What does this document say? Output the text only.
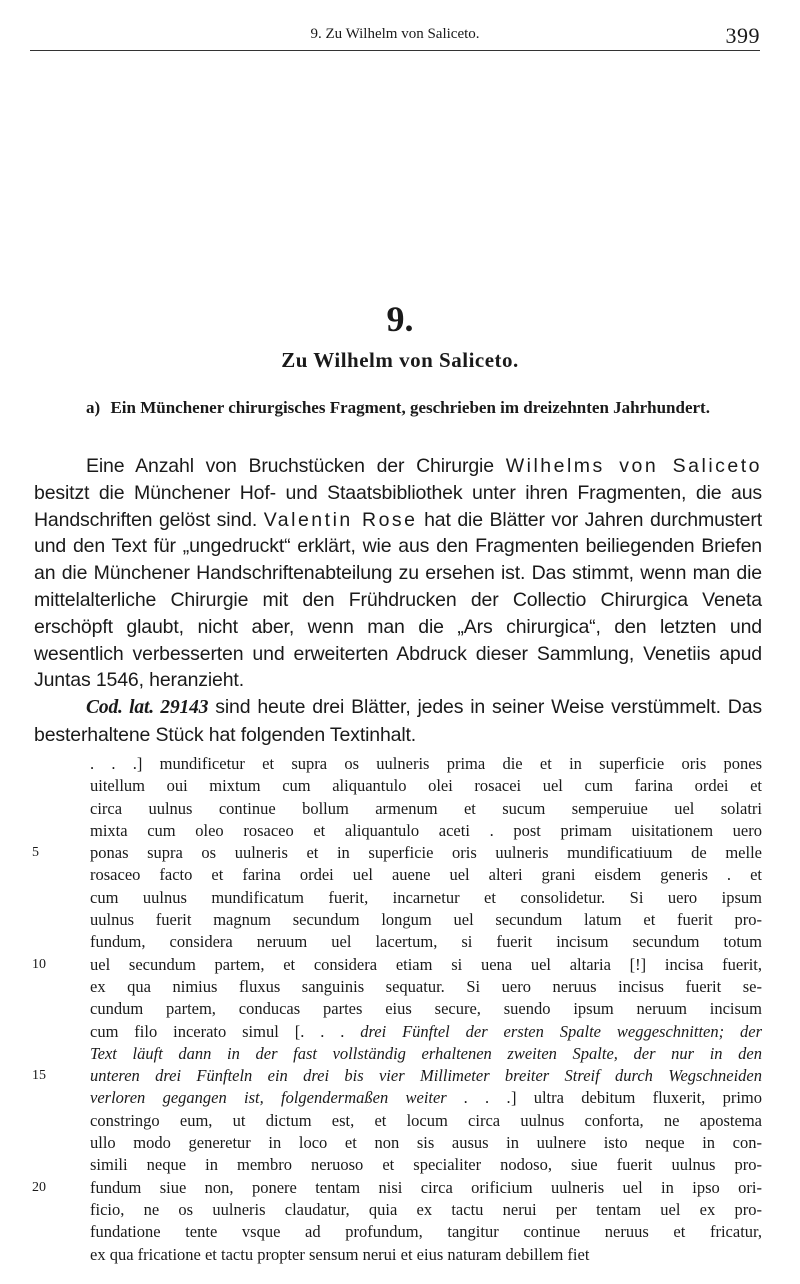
9. Zu Wilhelm von Saliceto.	399
9.
Zu Wilhelm von Saliceto.
a) Ein Münchener chirurgisches Fragment, geschrieben im dreizehnten Jahrhundert.

Eine Anzahl von Bruchstücken der Chirurgie Wilhelms von Saliceto besitzt die Münchener Hof- und Staatsbibliothek unter ihren Fragmenten, die aus Handschriften gelöst sind. Valentin Rose hat die Blätter vor Jahren durchmustert und den Text für „ungedruckt“ erklärt, wie aus den Fragmenten beiliegenden Briefen an die Münchener Handschriftenabteilung zu ersehen ist. Das stimmt, wenn man die mittelalterliche Chirurgie mit den Frühdrucken der Collectio Chirurgica Veneta erschöpft glaubt, nicht aber, wenn man die „Ars chirurgica“, den letzten und wesentlich verbesserten und erweiterten Abdruck dieser Sammlung, Venetiis apud Juntas 1546, heranzieht.

Cod. lat. 29143 sind heute drei Blätter, jedes in seiner Weise verstümmelt. Das besterhaltene Stück hat folgenden Textinhalt.

. . .] mundificetur et supra os uulneris prima die et in superficie oris pones
uitellum oui mixtum cum aliquantulo olei rosacei uel cum farina ordei et
circa uulnus continue bollum armenum et sucum semperuiue uel solatri
mixta cum oleo rosaceo et aliquantulo aceti . post primam uisitationem uero
5	ponas supra os uulneris et in superficie oris uulneris mundificatiuum de melle
rosaceo facto et farina ordei uel auene uel alteri grani eisdem generis . et
cum uulnus mundificatum fuerit, incarnetur et consolidetur. Si uero ipsum
uulnus fuerit magnum secundum longum uel secundum latum et fuerit pro-
fundum, considera neruum uel lacertum, si fuerit incisum secundum totum
10	uel secundum partem, et considera etiam si uena uel altaria [!] incisa fuerit,
ex qua nimius fluxus sanguinis sequatur. Si uero neruus incisus fuerit se-
cundum partem, conducas partes eius secure, suendo ipsum neruum incisum
cum filo incerato simul [. . . drei Fünftel der ersten Spalte weggeschnitten; der
Text läuft dann in der fast vollständig erhaltenen zweiten Spalte, der nur in den
15	unteren drei Fünfteln ein drei bis vier Millimeter breiter Streif durch Wegschneiden
verloren gegangen ist, folgendermaßen weiter . . .] ultra debitum fluxerit, primo
constringo eum, ut dictum est, et locum circa uulnus conforta, ne apostema
ullo modo generetur in loco et non sis ausus in uulnere isto neque in con-
simili neque in membro neruoso et specialiter nodoso, siue fuerit uulnus pro-
20	fundum siue non, ponere tentam nisi circa orificium uulneris uel in ipso ori-
ficio, ne os uulneris claudatur, quia ex tactu nerui per tentam uel ex pro-
fundatione tente vsque ad profundum, tangitur continue neruus et fricatur,
ex qua fricatione et tactu propter sensum nerui et eius naturam debillem fiet
